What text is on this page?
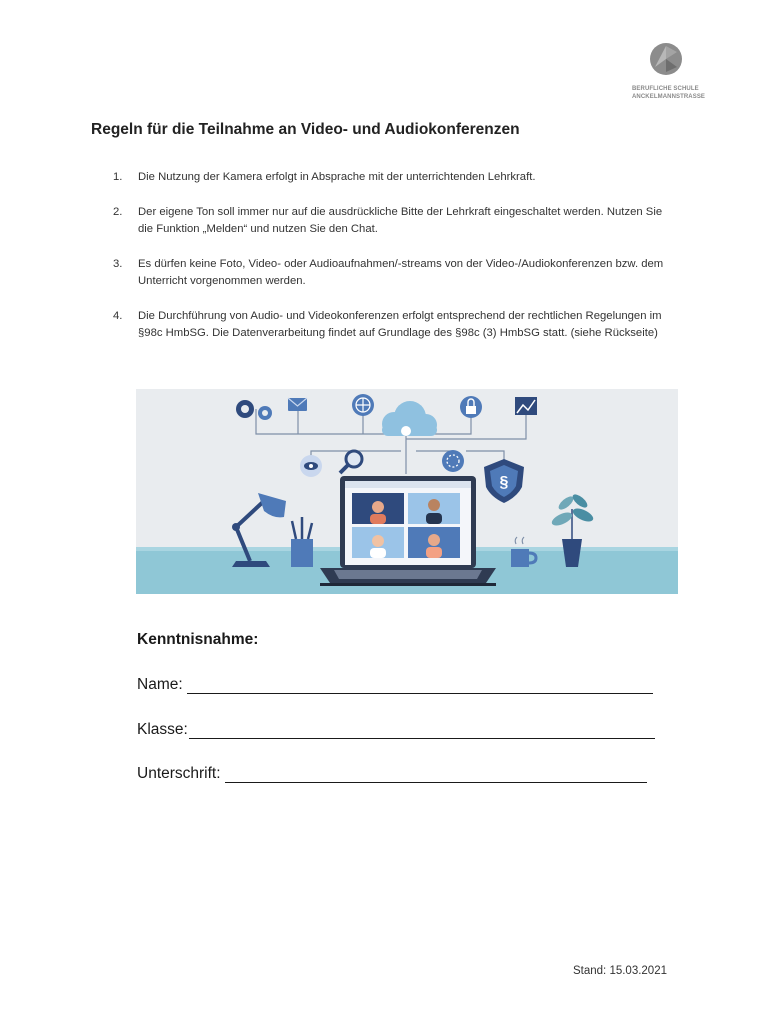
BERUFLICHE SCHULE
ANCKELMANNSTRASSE
Regeln für die Teilnahme an Video- und Audiokonferenzen
1. Die Nutzung der Kamera erfolgt in Absprache mit der unterrichtenden Lehrkraft.
2. Der eigene Ton soll immer nur auf die ausdrückliche Bitte der Lehrkraft eingeschaltet werden. Nutzen Sie die Funktion „Melden“ und nutzen Sie den Chat.
3. Es dürfen keine Foto, Video- oder Audioaufnahmen/-streams von der Video-/Audiokonferenzen bzw. dem Unterricht vorgenommen werden.
4. Die Durchführung von Audio- und Videokonferenzen erfolgt entsprechend der rechtlichen Regelungen im §98c HmbSG. Die Datenverarbeitung findet auf Grundlage des §98c (3) HmbSG statt. (siehe Rückseite)
§
Kenntnisnahme:
Name:
Klasse:
Unterschrift:
Stand: 15.03.2021
